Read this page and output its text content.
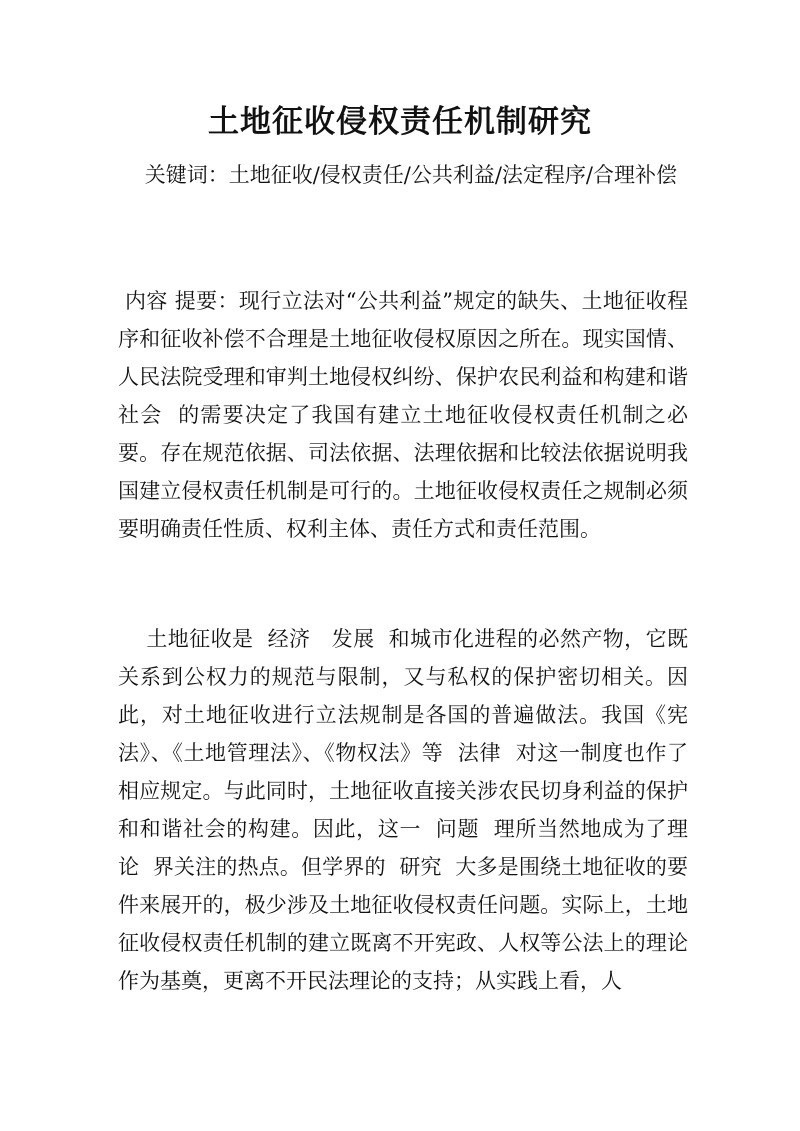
土地征收侵权责任机制研究

关键词：土地征收/侵权责任/公共利益/法定程序/合理补偿

内容 提要：现行立法对“公共利益”规定的缺失、土地征收程序和征收补偿不合理是土地征收侵权原因之所在。现实国情、人民法院受理和审判土地侵权纠纷、保护农民利益和构建和谐  社会  的需要决定了我国有建立土地征收侵权责任机制之必要。存在规范依据、司法依据、法理依据和比较法依据说明我国建立侵权责任机制是可行的。土地征收侵权责任之规制必须要明确责任性质、权利主体、责任方式和责任范围。

土地征收是  经济   发展  和城市化进程的必然产物，它既关系到公权力的规范与限制，又与私权的保护密切相关。因此，对土地征收进行立法规制是各国的普遍做法。我国《宪法》、《土地管理法》、《物权法》等  法律  对这一制度也作了相应规定。与此同时，土地征收直接关涉农民切身利益的保护和和谐社会的构建。因此，这一  问题  理所当然地成为了理论  界关注的热点。但学界的  研究  大多是围绕土地征收的要件来展开的，极少涉及土地征收侵权责任问题。实际上，土地征收侵权责任机制的建立既离不开宪政、人权等公法上的理论作为基奠，更离不开民法理论的支持；从实践上看，人
